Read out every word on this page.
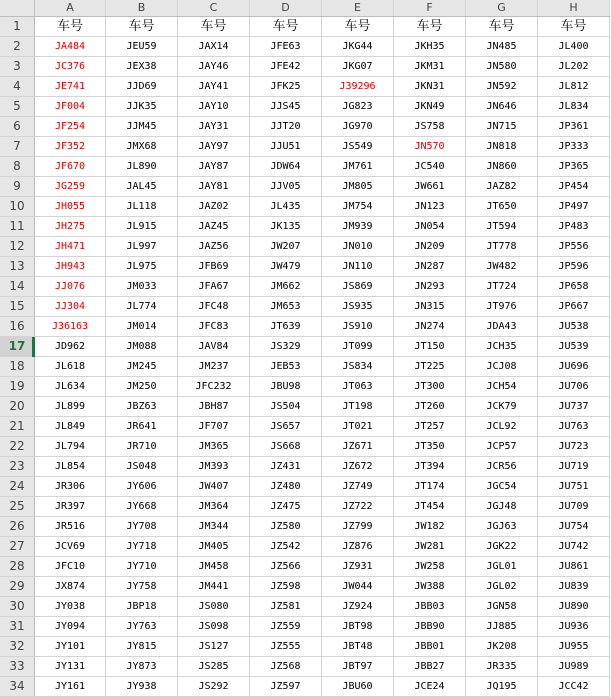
	A	B	C	D	E	F	G	H
1	车号	车号	车号	车号	车号	车号	车号	车号
2	JA484	JEU59	JAX14	JFE63	JKG44	JKH35	JN485	JL400
3	JC376	JEX38	JAY46	JFE42	JKG07	JKM31	JN580	JL202
4	JE741	JJD69	JAY41	JFK25	J39296	JKN31	JN592	JL812
5	JF004	JJK35	JAY10	JJS45	JG823	JKN49	JN646	JL834
6	JF254	JJM45	JAY31	JJT20	JG970	JS758	JN715	JP361
7	JF352	JMX68	JAY97	JJU51	JS549	JN570	JN818	JP333
8	JF670	JL890	JAY87	JDW64	JM761	JC540	JN860	JP365
9	JG259	JAL45	JAY81	JJV05	JM805	JW661	JAZ82	JP454
10	JH055	JL118	JAZ02	JL435	JM754	JN123	JT650	JP497
11	JH275	JL915	JAZ45	JK135	JM939	JN054	JT594	JP483
12	JH471	JL997	JAZ56	JW207	JN010	JN209	JT778	JP556
13	JH943	JL975	JFB69	JW479	JN110	JN287	JW482	JP596
14	JJ076	JM033	JFA67	JM662	JS869	JN293	JT724	JP658
15	JJ304	JL774	JFC48	JM653	JS935	JN315	JT976	JP667
16	J36163	JM014	JFC83	JT639	JS910	JN274	JDA43	JU538
17	JD962	JM088	JAV84	JS329	JT099	JT150	JCH35	JU539
18	JL618	JM245	JM237	JEB53	JS834	JT225	JCJ08	JU696
19	JL634	JM250	JFC232	JBU98	JT063	JT300	JCH54	JU706
20	JL899	JBZ63	JBH87	JS504	JT198	JT260	JCK79	JU737
21	JL849	JR641	JF707	JS657	JT021	JT257	JCL92	JU763
22	JL794	JR710	JM365	JS668	JZ671	JT350	JCP57	JU723
23	JL854	JS048	JM393	JZ431	JZ672	JT394	JCR56	JU719
24	JR306	JY606	JW407	JZ480	JZ749	JT174	JGC54	JU751
25	JR397	JY668	JM364	JZ475	JZ722	JT454	JGJ48	JU709
26	JR516	JY708	JM344	JZ580	JZ799	JW182	JGJ63	JU754
27	JCV69	JY718	JM405	JZ542	JZ876	JW281	JGK22	JU742
28	JFC10	JY710	JM458	JZ566	JZ931	JW258	JGL01	JU861
29	JX874	JY758	JM441	JZ598	JW044	JW388	JGL02	JU839
30	JY038	JBP18	JS080	JZ581	JZ924	JBB03	JGN58	JU890
31	JY094	JY763	JS098	JZ559	JBT98	JBB90	JJ885	JU936
32	JY101	JY815	JS127	JZ555	JBT48	JBB01	JK208	JU955
33	JY131	JY873	JS285	JZ568	JBT97	JBB27	JR335	JU989
34	JY161	JY938	JS292	JZ597	JBU60	JCE24	JQ195	JCC42
